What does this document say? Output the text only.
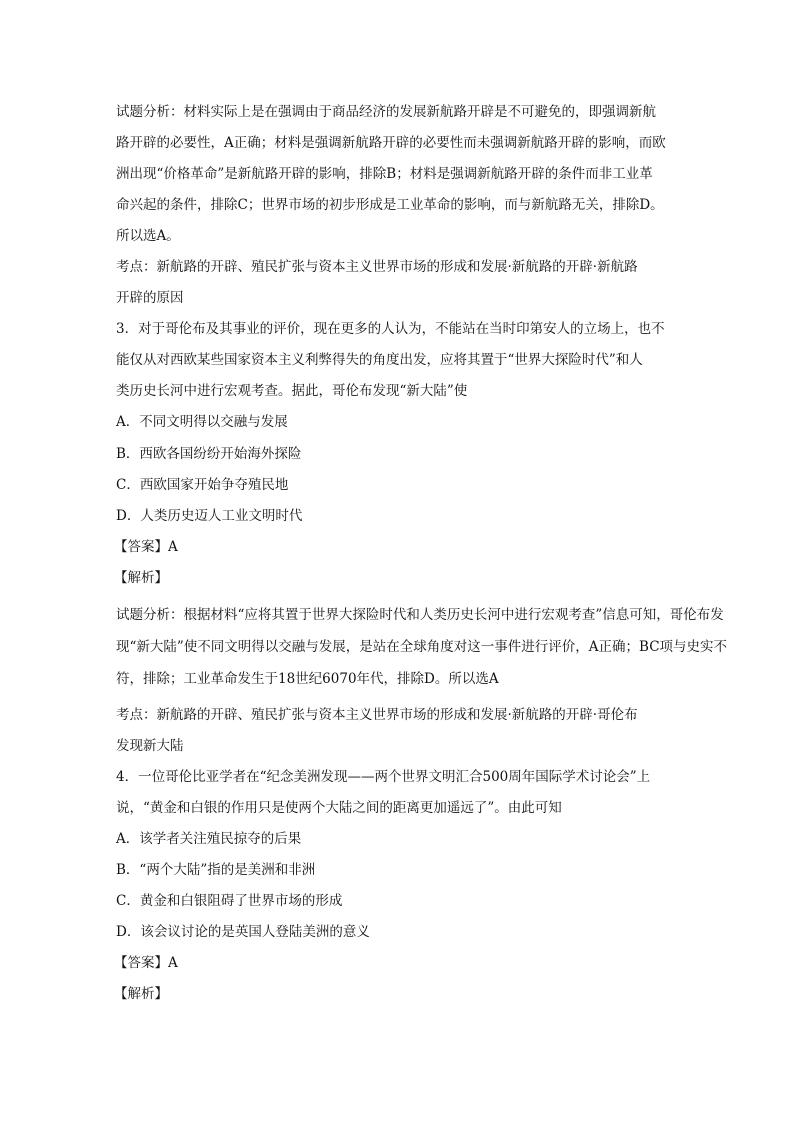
试题分析：材料实际上是在强调由于商品经济的发展新航路开辟是不可避免的，即强调新航
路开辟的必要性，A正确；材料是强调新航路开辟的必要性而未强调新航路开辟的影响，而欧
洲出现“价格革命”是新航路开辟的影响，排除B；材料是强调新航路开辟的条件而非工业革
命兴起的条件，排除C；世界市场的初步形成是工业革命的影响，而与新航路无关，排除D。
所以选A。
考点：新航路的开辟、殖民扩张与资本主义世界市场的形成和发展·新航路的开辟·新航路
开辟的原因
3．对于哥伦布及其事业的评价，现在更多的人认为，不能站在当时印第安人的立场上，也不
能仅从对西欧某些国家资本主义利弊得失的角度出发，应将其置于“世界大探险时代”和人
类历史长河中进行宏观考查。据此，哥伦布发现“新大陆”使
A．不同文明得以交融与发展
B．西欧各国纷纷开始海外探险
C．西欧国家开始争夺殖民地
D．人类历史迈人工业文明时代
【答案】A
【解析】
试题分析：根据材料“应将其置于世界大探险时代和人类历史长河中进行宏观考查”信息可知，哥伦布发
现“新大陆”使不同文明得以交融与发展，是站在全球角度对这一事件进行评价，A正确；BC项与史实不
符，排除；工业革命发生于18世纪6070年代，排除D。所以选A
考点：新航路的开辟、殖民扩张与资本主义世界市场的形成和发展·新航路的开辟·哥伦布
发现新大陆
4．一位哥伦比亚学者在“纪念美洲发现——两个世界文明汇合500周年国际学术讨论会”上
说，“黄金和白银的作用只是使两个大陆之间的距离更加遥远了”。由此可知
A．该学者关注殖民掠夺的后果
B．“两个大陆”指的是美洲和非洲
C．黄金和白银阻碍了世界市场的形成
D．该会议讨论的是英国人登陆美洲的意义
【答案】A
【解析】
